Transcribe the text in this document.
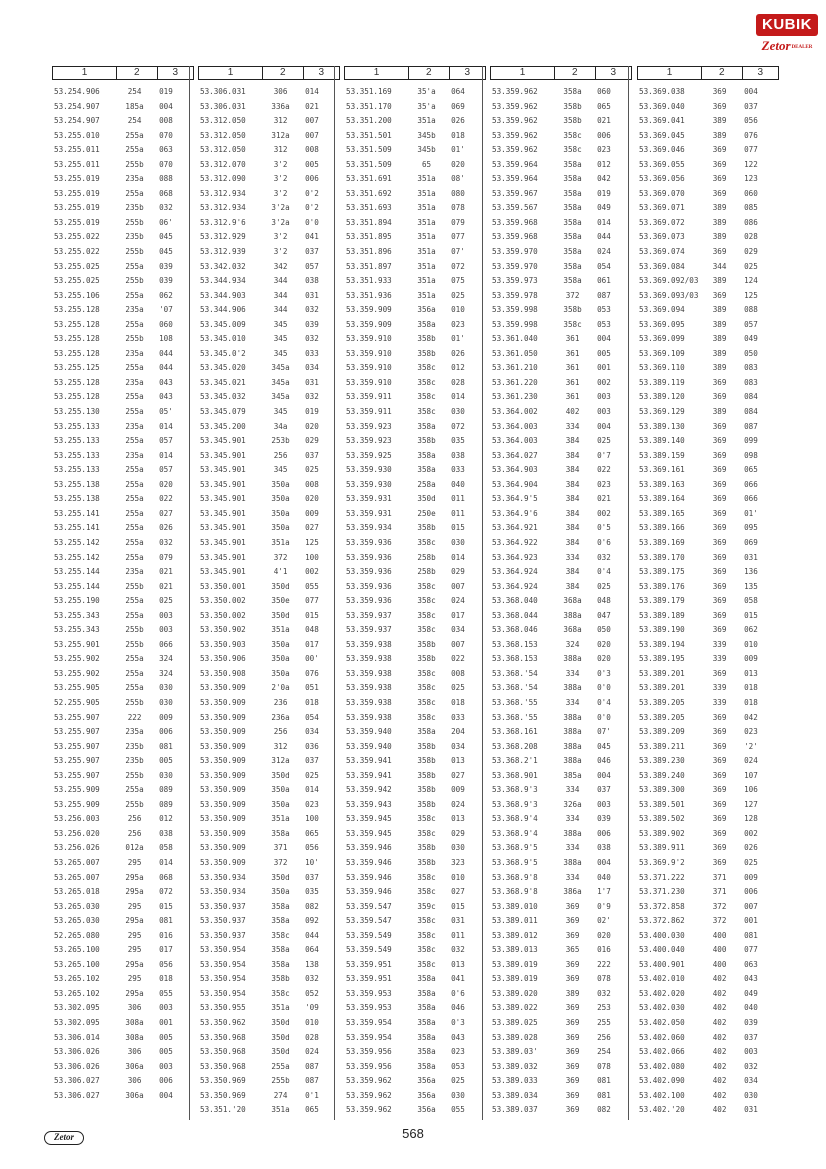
KUBIK
ZetorDEALER
1	2	3
53.254.906	254	019
53.254.907	185a	004
53.254.907	254	008
53.255.010	255a	070
53.255.011	255a	063
53.255.011	255b	070
53.255.019	235a	088
53.255.019	255a	068
53.255.019	235b	032
53.255.019	255b	06'
53.255.022	235b	045
53.255.022	255b	045
53.255.025	255a	039
53.255.025	255b	039
53.255.106	255a	062
53.255.128	235a	'07
53.255.128	255a	060
53.255.128	255b	108
53.255.128	235a	044
53.255.125	255a	044
53.255.128	235a	043
53.255.128	255a	043
53.255.130	255a	05'
53.255.133	235a	014
53.255.133	255a	057
53.255.133	235a	014
53.255.133	255a	057
53.255.138	255a	020
53.255.138	255a	022
53.255.141	255a	027
53.255.141	255a	026
53.255.142	255a	032
53.255.142	255a	079
53.255.144	235a	021
53.255.144	255b	021
53.255.190	255a	025
53.255.343	255a	003
53.255.343	255b	003
53.255.901	255b	066
53.255.902	255a	324
53.255.902	255a	324
53.255.905	255a	030
52.255.905	255b	030
53.255.907	222	009
53.255.907	235a	006
53.255.907	235b	081
53.255.907	235b	005
53.255.907	255b	030
53.255.909	255a	089
53.255.909	255b	089
53.256.003	256	012
53.256.020	256	038
53.256.026	012a	058
53.265.007	295	014
53.265.007	295a	068
53.265.018	295a	072
53.265.030	295	015
53.265.030	295a	081
52.265.080	295	016
53.265.100	295	017
53.265.100	295a	056
53.265.102	295	018
53.265.102	295a	055
53.302.095	306	003
53.302.095	308a	001
53.306.014	308a	005
53.306.026	306	005
53.306.026	306a	003
53.306.027	306	006
53.306.027	306a	004
1	2	3
53.306.031	306	014
53.306.031	336a	021
53.312.050	312	007
53.312.050	312a	007
53.312.050	312	008
53.312.070	3'2	005
53.312.090	3'2	006
53.312.934	3'2	0'2
53.312.934	3'2a	0'2
53.312.9'6	3'2a	0'0
53.312.929	3'2	041
53.312.939	3'2	037
53.342.032	342	057
53.344.934	344	038
53.344.903	344	031
53.344.906	344	032
53.345.009	345	039
53.345.010	345	032
53.345.0'2	345	033
53.345.020	345a	034
53.345.021	345a	031
53.345.032	345a	032
53.345.079	345	019
53.345.200	34a	020
53.345.901	253b	029
53.345.901	256	037
53.345.901	345	025
53.345.901	350a	008
53.345.901	350a	020
53.345.901	350a	009
53.345.901	350a	027
53.345.901	351a	125
53.345.901	372	100
53.345.901	4'1	002
53.350.001	350d	055
53.350.002	350e	077
53.350.002	350d	015
53.350.902	351a	048
53.350.903	350a	017
53.350.906	350a	00'
53.350.908	350a	076
53.350.909	2'0a	051
53.350.909	236	018
53.350.909	236a	054
53.350.909	256	034
53.350.909	312	036
53.350.909	312a	037
53.350.909	350d	025
53.350.909	350a	014
53.350.909	350a	023
53.350.909	351a	100
53.350.909	358a	065
53.350.909	371	056
53.350.909	372	10'
53.350.934	350d	037
53.350.934	350a	035
53.350.937	358a	082
53.350.937	358a	092
53.350.937	358c	044
53.350.954	358a	064
53.350.954	358a	138
53.350.954	358b	032
53.350.954	358c	052
53.350.955	351a	'09
53.350.962	350d	010
53.350.968	350d	028
53.350.968	350d	024
53.350.968	255a	087
53.350.969	255b	087
53.350.969	274	0'1
53.351.'20	351a	065
1	2	3
53.351.169	35'a	064
53.351.170	35'a	069
53.351.200	351a	026
53.351.501	345b	018
53.351.509	345b	01'
53.351.509	65	020
53.351.691	351a	08'
53.351.692	351a	080
53.351.693	351a	078
53.351.894	351a	079
53.351.895	351a	077
53.351.896	351a	07'
53.351.897	351a	072
53.351.933	351a	075
53.351.936	351a	025
53.359.909	356a	010
53.359.909	358a	023
53.359.910	358b	01'
53.359.910	358b	026
53.359.910	358c	012
53.359.910	358c	028
53.359.911	358c	014
53.359.911	358c	030
53.359.923	358a	072
53.359.923	358b	035
53.359.925	358a	038
53.359.930	358a	033
53.359.930	258a	040
53.359.931	350d	011
53.359.931	250e	011
53.359.934	358b	015
53.359.936	358c	030
53.359.936	258b	014
53.359.936	258b	029
53.359.936	358c	007
53.359.936	358c	024
53.359.937	358c	017
53.359.937	358c	034
53.359.938	358b	007
53.359.938	358b	022
53.359.938	358c	008
53.359.938	358c	025
53.359.938	358c	018
53.359.938	358c	033
53.359.940	358a	204
53.359.940	358b	034
53.359.941	358b	013
53.359.941	358b	027
53.359.942	358b	009
53.359.943	358b	024
53.359.945	358c	013
53.359.945	358c	029
53.359.946	358b	030
53.359.946	358b	323
53.359.946	358c	010
53.359.946	358c	027
53.359.547	359c	015
53.359.547	358c	031
53.359.549	358c	011
53.359.549	358c	032
53.359.951	358c	013
53.359.951	358a	041
53.359.953	358a	0'6
53.359.953	358a	046
53.359.954	358a	0'3
53.359.954	358a	043
53.359.956	358a	023
53.359.956	358a	053
53.359.962	356a	025
53.359.962	356a	030
53.359.962	356a	055
1	2	3
53.359.962	358a	060
53.359.962	358b	065
53.359.962	358b	021
53.359.962	358c	006
53.359.962	358c	023
53.359.964	358a	012
53.359.964	358a	042
53.359.967	358a	019
53.359.567	358a	049
53.359.968	358a	014
53.359.968	358a	044
53.359.970	358a	024
53.359.970	358a	054
53.359.973	358a	061
53.359.978	372	087
53.359.998	358b	053
53.359.998	358c	053
53.361.040	361	004
53.361.050	361	005
53.361.210	361	001
53.361.220	361	002
53.361.230	361	003
53.364.002	402	003
53.364.003	334	004
53.364.003	384	025
53.364.027	384	0'7
53.364.903	384	022
53.364.904	384	023
53.364.9'5	384	021
53.364.9'6	384	002
53.364.921	384	0'5
53.364.922	384	0'6
53.364.923	334	032
53.364.924	384	0'4
53.364.924	384	025
53.368.040	368a	048
53.368.044	388a	047
53.368.046	368a	050
53.368.153	324	020
53.368.153	388a	020
53.368.'54	334	0'3
53.368.'54	388a	0'0
53.368.'55	334	0'4
53.368.'55	388a	0'0
53.368.161	388a	07'
53.368.208	388a	045
53.368.2'1	388a	046
53.368.901	385a	004
53.368.9'3	334	037
53.368.9'3	326a	003
53.368.9'4	334	039
53.368.9'4	388a	006
53.368.9'5	334	038
53.368.9'5	388a	004
53.368.9'8	334	040
53.368.9'8	386a	1'7
53.389.010	369	0'9
53.389.011	369	02'
53.389.012	369	020
53.389.013	365	016
53.389.019	369	222
53.389.019	369	078
53.389.020	389	032
53.389.022	369	253
53.389.025	369	255
53.389.028	369	256
53.389.03'	369	254
53.389.032	369	078
53.389.033	369	081
53.389.034	369	081
53.389.037	369	082
1	2	3
53.369.038	369	004
53.369.040	369	037
53.369.041	389	056
53.369.045	389	076
53.369.046	369	077
53.369.055	369	122
53.369.056	369	123
53.369.070	369	060
53.369.071	389	085
53.369.072	389	086
53.369.073	389	028
53.369.074	369	029
53.369.084	344	025
53.369.092/03	389	124
53.369.093/03	369	125
53.369.094	389	088
53.369.095	389	057
53.369.099	389	049
53.369.109	389	050
53.369.110	389	083
53.389.119	369	083
53.389.120	369	084
53.369.129	389	084
53.389.130	369	087
53.389.140	369	099
53.389.159	369	098
53.369.161	369	065
53.389.163	369	066
53.389.164	369	066
53.389.165	369	01'
53.389.166	369	095
53.389.169	369	069
53.389.170	369	031
53.389.175	369	136
53.389.176	369	135
53.389.179	369	058
53.389.189	369	015
53.389.190	369	062
53.389.194	339	010
53.389.195	339	009
53.389.201	369	013
53.389.201	339	018
53.389.205	339	018
53.389.205	369	042
53.389.209	369	023
53.389.211	369	'2'
53.389.230	369	024
53.389.240	369	107
53.389.300	369	106
53.389.501	369	127
53.389.502	369	128
53.389.902	369	002
53.389.911	369	026
53.369.9'2	369	025
53.371.222	371	009
53.371.230	371	006
53.372.858	372	007
53.372.862	372	001
53.400.030	400	081
53.400.040	400	077
53.400.901	400	063
53.402.010	402	043
53.402.020	402	049
53.402.030	402	040
53.402.050	402	039
53.402.060	402	037
53.402.066	402	003
53.402.080	402	032
53.402.090	402	034
53.402.100	402	030
53.402.'20	402	031
568
Zetor
